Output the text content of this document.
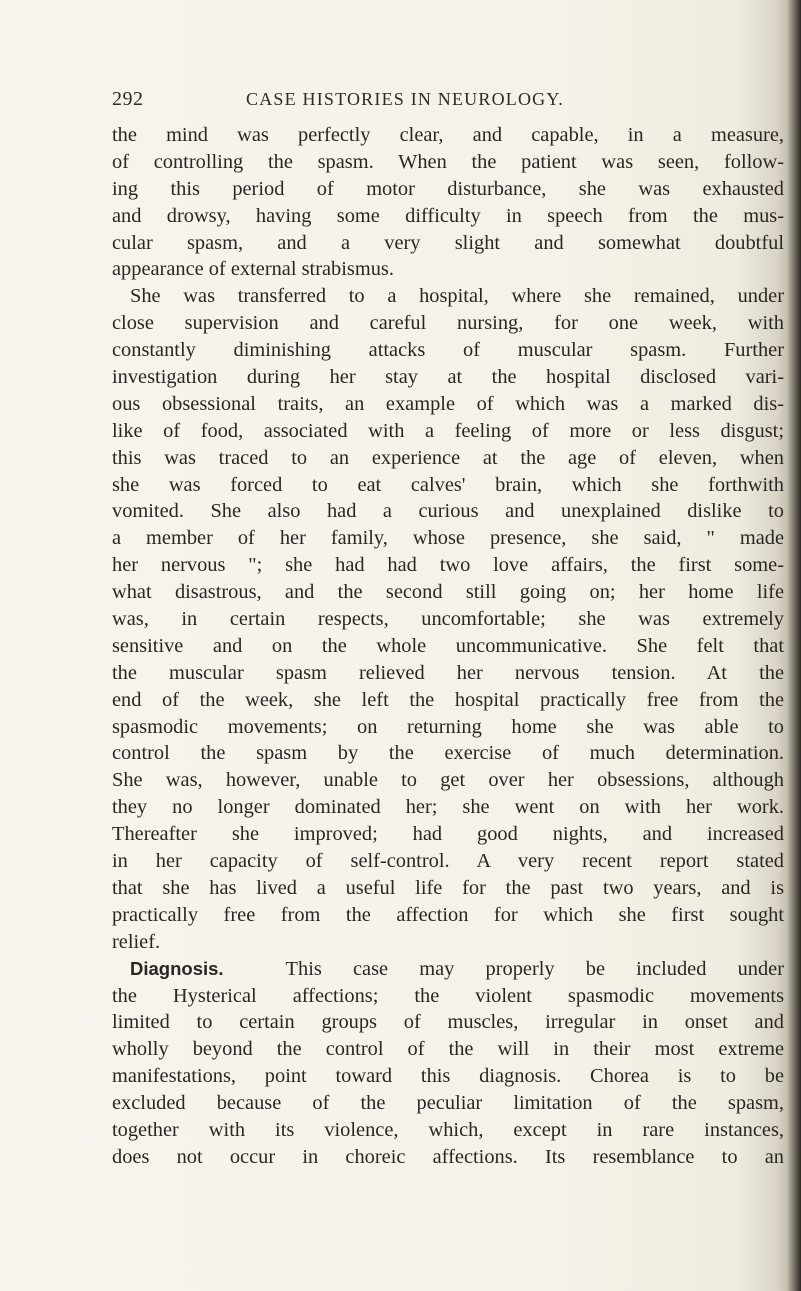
292	CASE HISTORIES IN NEUROLOGY.
the mind was perfectly clear, and capable, in a measure,
of controlling the spasm. When the patient was seen, follow-
ing this period of motor disturbance, she was exhausted
and drowsy, having some difficulty in speech from the mus-
cular spasm, and a very slight and somewhat doubtful
appearance of external strabismus.
She was transferred to a hospital, where she remained, under
close supervision and careful nursing, for one week, with
constantly diminishing attacks of muscular spasm. Further
investigation during her stay at the hospital disclosed vari-
ous obsessional traits, an example of which was a marked dis-
like of food, associated with a feeling of more or less disgust;
this was traced to an experience at the age of eleven, when
she was forced to eat calves' brain, which she forthwith
vomited. She also had a curious and unexplained dislike to
a member of her family, whose presence, she said, " made
her nervous "; she had had two love affairs, the first some-
what disastrous, and the second still going on; her home life
was, in certain respects, uncomfortable; she was extremely
sensitive and on the whole uncommunicative. She felt that
the muscular spasm relieved her nervous tension. At the
end of the week, she left the hospital practically free from the
spasmodic movements; on returning home she was able to
control the spasm by the exercise of much determination.
She was, however, unable to get over her obsessions, although
they no longer dominated her; she went on with her work.
Thereafter she improved; had good nights, and increased
in her capacity of self-control. A very recent report stated
that she has lived a useful life for the past two years, and is
practically free from the affection for which she first sought
relief.
Diagnosis.	This case may properly be included under
the Hysterical affections; the violent spasmodic movements
limited to certain groups of muscles, irregular in onset and
wholly beyond the control of the will in their most extreme
manifestations, point toward this diagnosis. Chorea is to be
excluded because of the peculiar limitation of the spasm,
together with its violence, which, except in rare instances,
does not occur in choreic affections. Its resemblance to an
